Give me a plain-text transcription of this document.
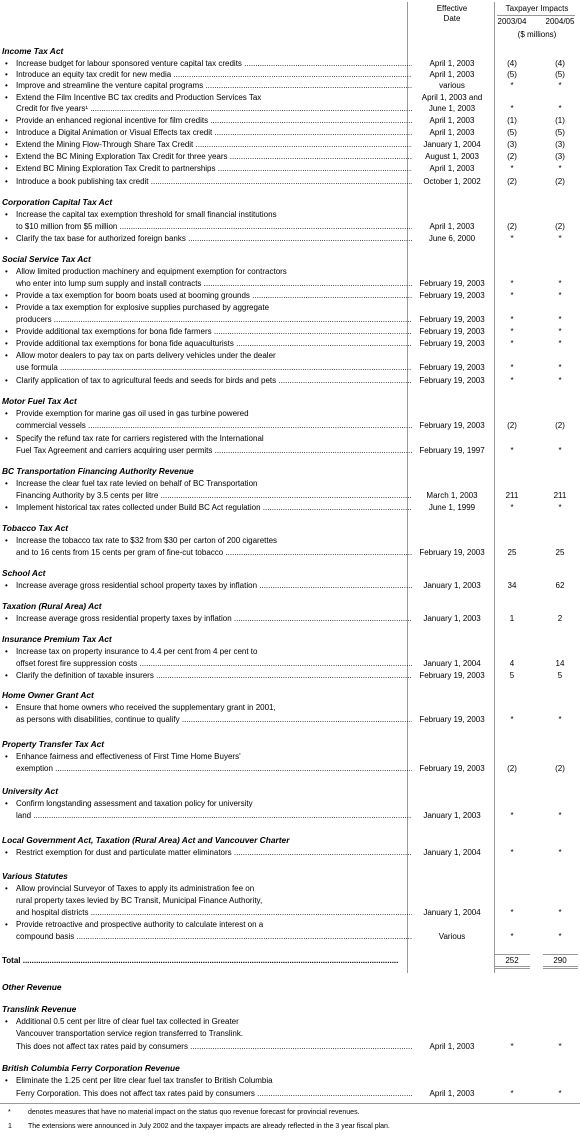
Effective
Date
Taxpayer Impacts
2003/04 2004/05
($ millions)
Income Tax Act
• Increase budget for labour sponsored venture capital tax credits .....	April 1, 2003	(4)	(4)
• Introduce an equity tax credit for new media .....	April 1, 2003	(5)	(5)
• Improve and streamline the venture capital programs .....	various	*	*
• Extend the Film Incentive BC tax credits and Production Services Tax	April 1, 2003 and
Credit for five years¹ .....	June 1, 2003	*	*
• Provide an enhanced regional incentive for film credits .....	April 1, 2003	(1)	(1)
• Introduce a Digital Animation or Visual Effects tax credit .....	April 1, 2003	(5)	(5)
• Extend the Mining Flow-Through Share Tax Credit .....	January 1, 2004	(3)	(3)
• Extend the BC Mining Exploration Tax Credit for three years .....	August 1, 2003	(2)	(3)
• Extend BC Mining Exploration Tax Credit to partnerships .....	April 1, 2003	*	*
• Introduce a book publishing tax credit .....	October 1, 2002	(2)	(2)
Corporation Capital Tax Act
• Increase the capital tax exemption threshold for small financial institutions
to $10 million from $5 million .....	April 1, 2003	(2)	(2)
• Clarify the tax base for authorized foreign banks .....	June 6, 2000	*	*
Social Service Tax Act
• Allow limited production machinery and equipment exemption for contractors
who enter into lump sum supply and install contracts .....	February 19, 2003	*	*
• Provide a tax exemption for boom boats used at booming grounds .....	February 19, 2003	*	*
• Provide a tax exemption for explosive supplies purchased by aggregate
producers .....	February 19, 2003	*	*
• Provide additional tax exemptions for bona fide farmers .....	February 19, 2003	*	*
• Provide additional tax exemptions for bona fide aquaculturists .....	February 19, 2003	*	*
• Allow motor dealers to pay tax on parts delivery vehicles under the dealer
use formula .....	February 19, 2003	*	*
• Clarify application of tax to agricultural feeds and seeds for birds and pets .....	February 19, 2003	*	*
Motor Fuel Tax Act
• Provide exemption for marine gas oil used in gas turbine powered
commercial vessels .....	February 19, 2003	(2)	(2)
• Specify the refund tax rate for carriers registered with the International
Fuel Tax Agreement and carriers acquiring user permits .....	February 19, 1997	*	*
BC Transportation Financing Authority Revenue
• Increase the clear fuel tax rate levied on behalf of BC Transportation
Financing Authority by 3.5 cents per litre .....	March 1, 2003	211	211
• Implement historical tax rates collected under Build BC Act regulation .....	June 1, 1999	*	*
Tobacco Tax Act
• Increase the tobacco tax rate to $32 from $30 per carton of 200 cigarettes
and to 16 cents from 15 cents per gram of fine-cut tobacco .....	February 19, 2003	25	25
School Act
• Increase average gross residential school property taxes by inflation .....	January 1, 2003	34	62
Taxation (Rural Area) Act
• Increase average gross residential property taxes by inflation .....	January 1, 2003	1	2
Insurance Premium Tax Act
• Increase tax on property insurance to 4.4 per cent from 4 per cent to
offset forest fire suppression costs .....	January 1, 2004	4	14
• Clarify the definition of taxable insurers .....	February 19, 2003	5	5
Home Owner Grant Act
• Ensure that home owners who received the supplementary grant in 2001,
as persons with disabilities, continue to qualify .....	February 19, 2003	*	*
Property Transfer Tax Act
• Enhance fairness and effectiveness of First Time Home Buyers'
exemption .....	February 19, 2003	(2)	(2)
University Act
• Confirm longstanding assessment and taxation policy for university
land .....	January 1, 2003	*	*
Local Government Act, Taxation (Rural Area) Act and Vancouver Charter
• Restrict exemption for dust and particulate matter eliminators .....	January 1, 2004	*	*
Various Statutes
• Allow provincial Surveyor of Taxes to apply its administration fee on
rural property taxes levied by BC Transit, Municipal Finance Authority,
and hospital districts .....	January 1, 2004	*	*
• Provide retroactive and prospective authority to calculate interest on a
compound basis .....	Various	*	*
Total .....	252	290
Other Revenue
Translink Revenue
• Additional 0.5 cent per litre of clear fuel tax collected in Greater
Vancouver transportation service region transferred to Translink.
This does not affect tax rates paid by consumers .....	April 1, 2003	*	*
British Columbia Ferry Corporation Revenue
• Eliminate the 1.25 cent per litre clear fuel tax transfer to British Columbia
Ferry Corporation. This does not affect tax rates paid by consumers .....	April 1, 2003	*	*
* denotes measures that have no material impact on the status quo revenue forecast for provincial revenues.
1 The extensions were announced in July 2002 and the taxpayer impacts are already reflected in the 3 year fiscal plan.
